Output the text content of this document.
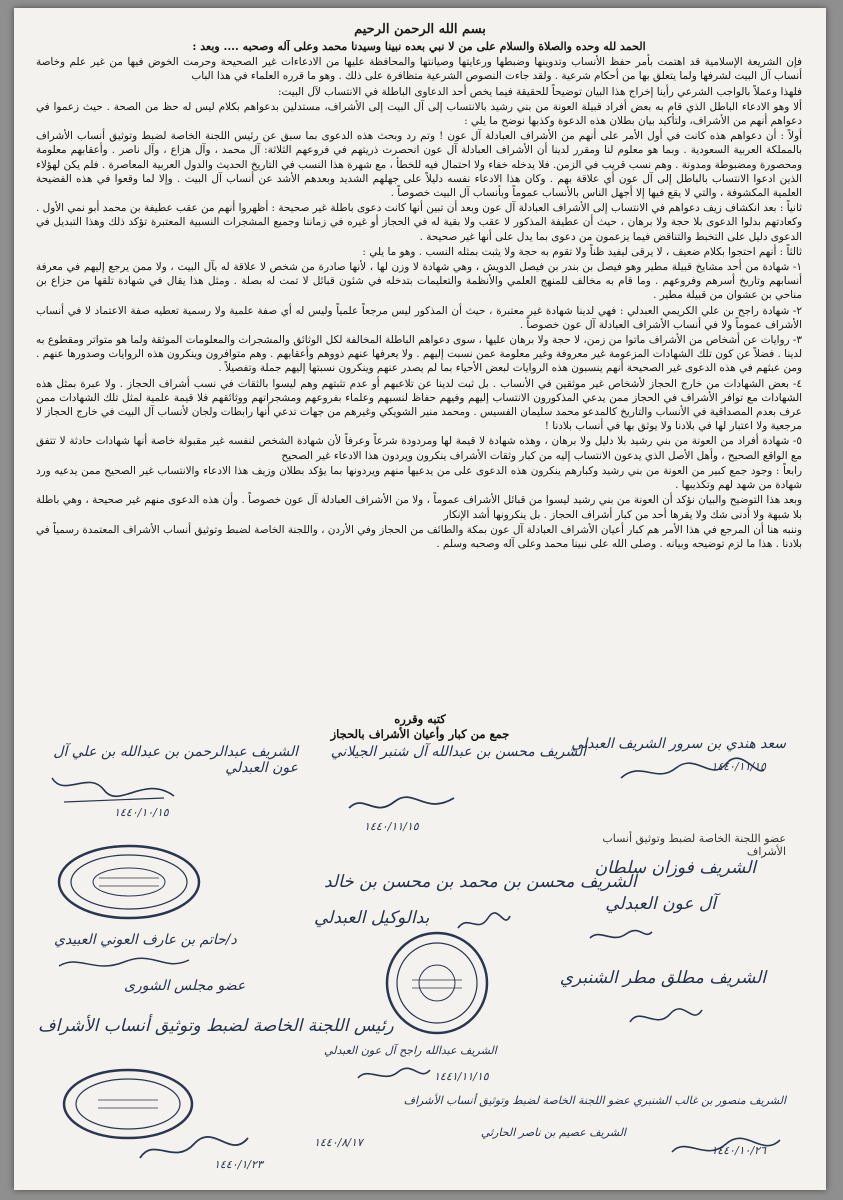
بسم الله الرحمن الرحيم

الحمد لله وحده والصلاة والسلام على من لا نبي بعده نبينا وسيدنا محمد وعلى آله وصحبه .... وبعد :

فإن الشريعة الإسلامية قد اهتمت بأمر حفظ الأنساب وتدوينها وضبطها ورعايتها وصيانتها والمحافظة عليها من الادعاءات غير الصحيحة وحرمت الخوض فيها من غير علم وخاصة أنساب آل البيت لشرفها ولما يتعلق بها من أحكام شرعية . ولقد جاءت النصوص الشرعية متظافرة على ذلك . وهو ما قرره العلماء في هذا الباب

فلهذا وعملاً بالواجب الشرعي رأينا إخراج هذا البيان توضيحاً للحقيقة فيما يخص أحد الدعاوى الباطلة في الانتساب لآل البيت:

ألا وهو الادعاء الباطل الذي قام به بعض أفراد قبيلة العونة من بني رشيد بالانتساب إلى آل البيت إلى الأشراف، مستدلين بدعواهم بكلام ليس له حظ من الصحة . حيث زعموا في دعواهم أنهم من الأشراف، ولتأكيد بيان بطلان هذه الدعوة وكذبها نوضح ما يلي :

أولاً : أن دعواهم هذه كانت في أول الأمر على أنهم من الأشراف العبادلة آل عون ! وتم رد وبحث هذه الدعوى بما سبق عن رئيس اللجنة الخاصة لضبط وتوثيق أنساب الأشراف بالمملكة العربية السعودية . وبما هو معلوم لنا ومقرر لدينا أن الأشراف العبادلة آل عون انحصرت ذريتهم في فروعهم الثلاثة: آل محمد ، وآل هزاع ، وآل ناصر . وأعقابهم معلومة ومحصورة ومضبوطة ومدونة . وهم نسب قريب في الزمن. فلا يدخله خفاء ولا احتمال فيه للخطأ ، مع شهرة هذا النسب في التاريخ الحديث والدول العربية المعاصرة . فلم يكن لهؤلاء الذين ادعوا الانتساب بالباطل إلى آل عون أي علاقة بهم . وكان هذا الادعاء نفسه دليلاً على جهلهم الشديد وبعدهم الأشد عن أنساب آل البيت . وإلا لما وقعوا في هذه الفضيحة العلمية المكشوفة ، والتي لا يقع فيها إلا أجهل الناس بالأنساب عموماً وبأنساب آل البيت خصوصاً .

ثانياً : بعد انكشاف زيف دعواهم في الانتساب إلى الأشراف العبادلة آل عون وبعد أن تبين أنها كانت دعوى باطلة غير صحيحة : أظهروا أنهم من عقب عطيفة بن محمد أبو نمي الأول . وكعادتهم بدلوا الدعوى بلا حجة ولا برهان ، حيث أن عطيفة المذكور لا عقب ولا بقية له في الحجاز أو غيره في زماننا وجميع المشجرات النسبية المعتبرة تؤكد ذلك وهذا التبديل في الدعوى دليل على التخبط والتناقض فيما يزعمون من دعوى بما يدل على أنها غير صحيحة .

ثالثاً : أنهم احتجوا بكلام ضعيف ، لا يرقى ليفيد ظناً ولا تقوم به حجة ولا يثبت بمثله النسب . وهو ما يلي :

١- شهادة من أحد مشايخ قبيلة مطير وهو فيصل بن بندر بن فيصل الدويش ، وهي شهادة لا وزن لها ، لأنها صادرة من شخص لا علاقة له بآل البيت ، ولا ممن يرجع إليهم في معرفة أنسابهم وتاريخ أسرهم وفروعهم . وما قام به مخالف للمنهج العلمي والأنظمة والتعليمات بتدخله في شئون قبائل لا تمت له بصلة . ومثل هذا يقال في شهادة تلقها من جزاع بن مناحي بن عشوان من قبيلة مطير .

٢- شهادة راجح بن علي الكريمي العبدلي : فهي لدينا شهادة غير معتبرة ، حيث أن المذكور ليس مرجعاً علمياً وليس له أي صفة علمية ولا رسمية تعطيه صفة الاعتماد لا في أنساب الأشراف عموماً ولا في أنساب الأشراف العبادلة آل عون خصوصاً .

٣- روايات عن أشخاص من الأشراف ماتوا من زمن، لا حجة ولا برهان عليها ، سوى دعواهم الباطلة المخالفة لكل الوثائق والمشجرات والمعلومات الموثقة ولما هو متواتر ومقطوع به لدينا . فضلاً عن كون تلك الشهادات المزعومة غير معروفة وغير معلومة عمن نسبت إليهم . ولا يعرفها عنهم ذووهم وأعقابهم . وهم متوافرون وينكرون هذه الروايات وصدورها عنهم . ومن عبثهم في هذه الدعوى غير الصحيحة أنهم ينسبون هذه الروايات لبعض الأحياء بما لم يصدر عنهم وينكرون نسبتها إليهم جملة وتفصيلاً .

٤- بعض الشهادات من خارج الحجاز لأشخاص غير موثقين في الأنساب . بل ثبت لدينا عن تلاعبهم أو عدم تثبتهم وهم ليسوا بالثقات في نسب أشراف الحجاز . ولا عبرة بمثل هذه الشهادات مع توافر الأشراف في الحجاز ممن يدعي المذكورون الانتساب إليهم وفيهم حفاظ لنسبهم وعلماء بفروعهم ومشجراتهم ووثائقهم فلا قيمة علمية لمثل تلك الشهادات ممن عرف بعدم المصداقية في الأنساب والتاريخ كالمدعو محمد سليمان الفسيس . ومحمد منير الشويكي وغيرهم من جهات تدعي أنها رابطات ولجان لأنساب آل البيت في خارج الحجاز لا مرجعية ولا اعتبار لها في بلادنا ولا يوثق بها في أنساب بلادنا !

٥- شهادة أفراد من العونة من بني رشيد بلا دليل ولا برهان ، وهذه شهادة لا قيمة لها ومردودة شرعاً وعرفاً لأن شهادة الشخص لنفسه غير مقبولة خاصة أنها شهادات حادثة لا تتفق مع الواقع الصحيح ، وأهل الأصل الذي يدعون الانتساب إليه من كبار وثقات الأشراف ينكرون ويردون هذا الادعاء غير الصحيح

رابعاً : وجود جمع كبير من العونة من بني رشيد وكبارهم ينكرون هذه الدعوى على من يدعيها منهم ويردونها بما يؤكد بطلان وزيف هذا الادعاء والانتساب غير الصحيح ممن يدعيه ورد شهادة من شهد لهم وتكذيبها .

وبعد هذا التوضيح والبيان نؤكد أن العونة من بني رشيد ليسوا من قبائل الأشراف عموماً ، ولا من الأشراف العبادلة آل عون خصوصاً . وأن هذه الدعوى منهم غير صحيحة ، وهي باطلة بلا شبهة ولا أدنى شك ولا يقرها أحد من كبار أشراف الحجاز . بل ينكرونها أشد الإنكار

وننبه هنا أن المرجع في هذا الأمر هم كبار أعيان الأشراف العبادلة آل عون بمكة والطائف من الحجاز وفي الأردن ، واللجنة الخاصة لضبط وتوثيق أنساب الأشراف المعتمدة رسمياً في بلادنا . هذا ما لزم توضيحه وبيانه . وصلى الله على نبينا محمد وعلى آله وصحبه وسلم .

كتبه وقرره
جمع من كبار وأعيان الأشراف بالحجاز
سعد هندي بن سرور الشريف العبدلي
١٤٤٠/١١/١٥
الشريف محسن بن عبدالله آل شنبر الجيلاني
الشريف عبدالرحمن بن عبدالله بن علي آل عون العبدلي
١٤٤٠/١٠/١٥
١٤٤٠/١١/١٥
عضو اللجنة الخاصة لضبط وتوثيق أنساب الأشراف
الشريف محسن بن محمد بن محسن بن خالد
بدالوكيل العبدلي
الشريف فوزان سلطان
آل عون العبدلي
د/حاتم بن عارف العوني العبيدي
عضو مجلس الشورى	الشريف مطلق مطر الشنبري
رئيس اللجنة الخاصة لضبط وتوثيق أنساب الأشراف
الشريف عبدالله راجح آل عون العبدلي
١٤٤١/١١/١٥
الشريف منصور بن غالب الشنبري عضو اللجنة الخاصة لضبط وتوثيق أنساب الأشراف
الشريف عصيم بن ناصر الحارثي
١٤٤٠/٨/١٧
١٤٤٠/١/٢٣
١٤٤٠/١٠/٢٦
